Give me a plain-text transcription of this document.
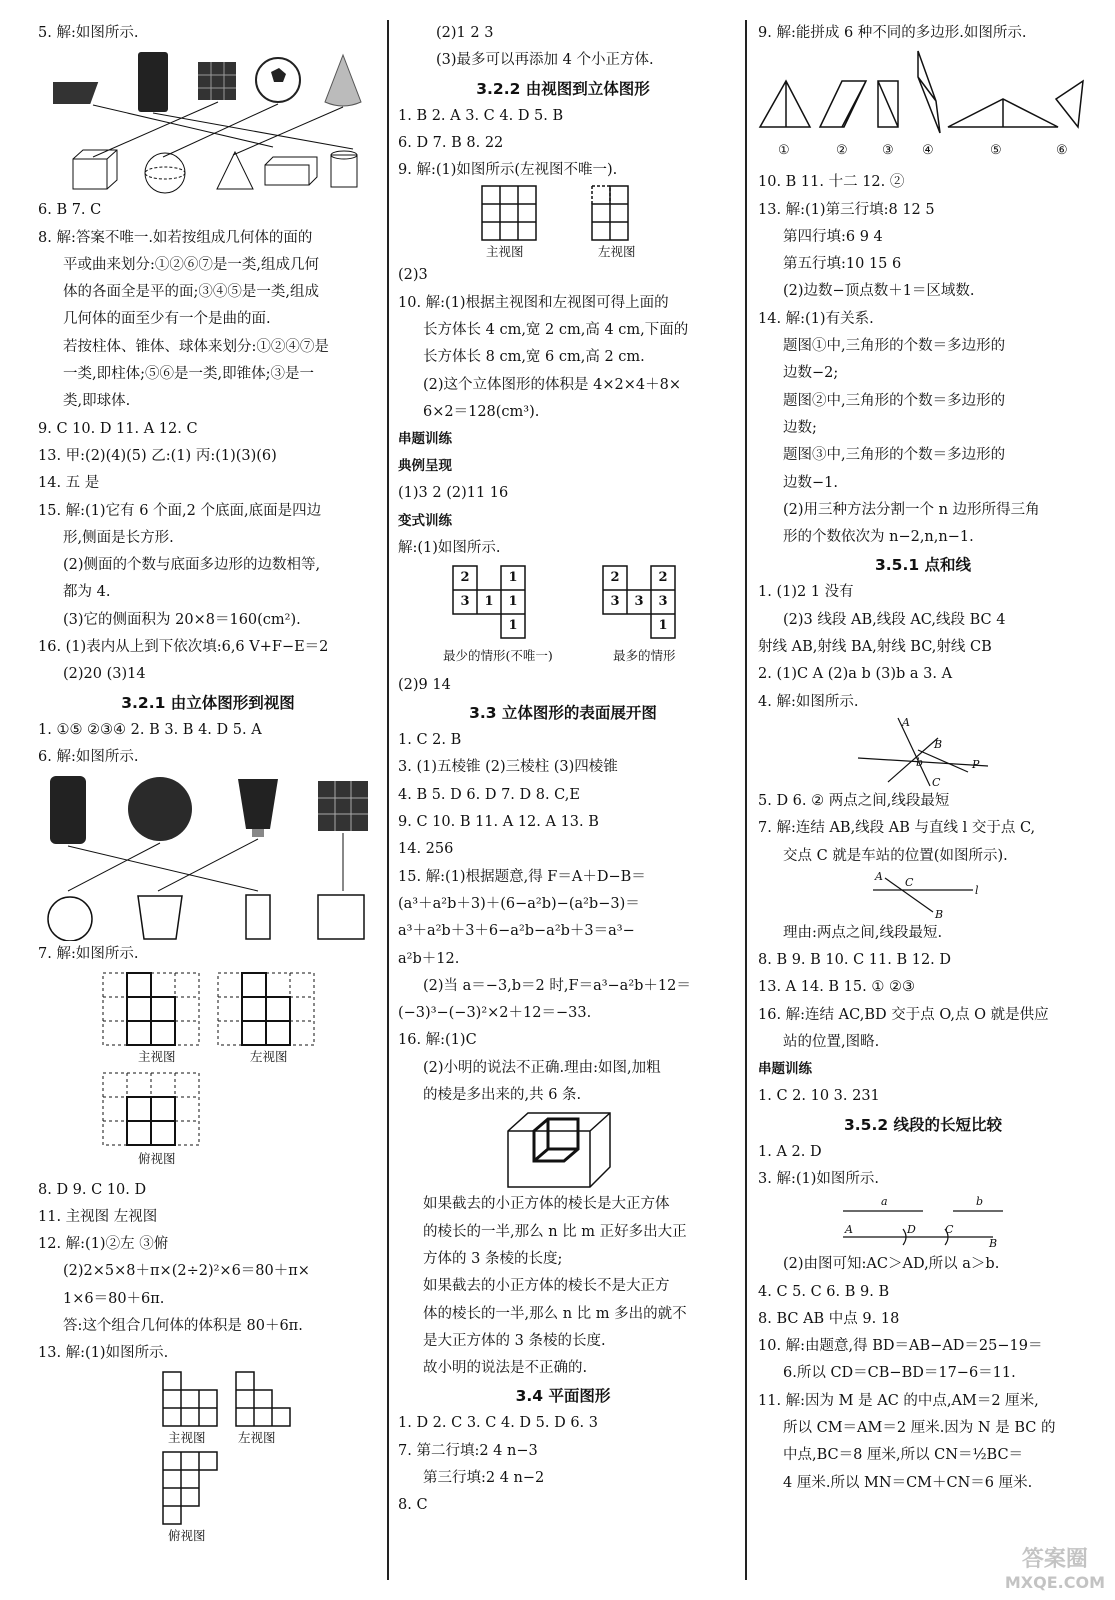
5. 解:如图所示.
6. B 7. C
8. 解:答案不唯一.如若按组成几何体的面的
平或曲来划分:①②⑥⑦是一类,组成几何
体的各面全是平的面;③④⑤是一类,组成
几何体的面至少有一个是曲的面.
若按柱体、锥体、球体来划分:①②④⑦是
一类,即柱体;⑤⑥是一类,即锥体;③是一
类,即球体.
9. C 10. D 11. A 12. C
13. 甲:(2)(4)(5) 乙:(1) 丙:(1)(3)(6)
14. 五 是
15. 解:(1)它有 6 个面,2 个底面,底面是四边
形,侧面是长方形.
(2)侧面的个数与底面多边形的边数相等,
都为 4.
(3)它的侧面积为 20×8＝160(cm²).
16. (1)表内从上到下依次填:6,6 V+F−E＝2
(2)20 (3)14
3.2.1 由立体图形到视图
1. ①⑤ ②③④ 2. B 3. B 4. D 5. A
6. 解:如图所示.
7. 解:如图所示.
主视图	左视图
俯视图
8. D 9. C 10. D
11. 主视图 左视图
12. 解:(1)②左 ③俯
(2)2×5×8＋π×(2÷2)²×6＝80＋π×
1×6＝80＋6π.
答:这个组合几何体的体积是 80＋6π.
13. 解:(1)如图所示.
主视图	左视图
俯视图
(2)1 2 3
(3)最多可以再添加 4 个小正方体.
3.2.2 由视图到立体图形
1. B 2. A 3. C 4. D 5. B
6. D 7. B 8. 22
9. 解:(1)如图所示(左视图不唯一).
主视图	左视图
(2)3
10. 解:(1)根据主视图和左视图可得上面的
长方体长 4 cm,宽 2 cm,高 4 cm,下面的
长方体长 8 cm,宽 6 cm,高 2 cm.
(2)这个立体图形的体积是 4×2×4＋8×
6×2＝128(cm³).
串题训练
典例呈现
(1)3 2 (2)11 16
变式训练
解:(1)如图所示.
2	1
3	1	1
1
2	2
3	3	3
1
最少的情形(不唯一)	最多的情形
(2)9 14
3.3 立体图形的表面展开图
1. C 2. B
3. (1)五棱锥 (2)三棱柱 (3)四棱锥
4. B 5. D 6. D 7. D 8. C,E
9. C 10. B 11. A 12. A 13. B
14. 256
15. 解:(1)根据题意,得 F＝A＋D−B＝
(a³＋a²b＋3)＋(6−a²b)−(a²b−3)＝
a³＋a²b＋3＋6−a²b−a²b＋3＝a³−
a²b＋12.
(2)当 a＝−3,b＝2 时,F＝a³−a²b＋12＝
(−3)³−(−3)²×2＋12＝−33.
16. 解:(1)C
(2)小明的说法不正确.理由:如图,加粗
的棱是多出来的,共 6 条.
如果截去的小正方体的棱长是大正方体
的棱长的一半,那么 n 比 m 正好多出大正
方体的 3 条棱的长度;
如果截去的小正方体的棱长不是大正方
体的棱长的一半,那么 n 比 m 多出的就不
是大正方体的 3 条棱的长度.
故小明的说法是不正确的.
3.4 平面图形
1. D 2. C 3. C 4. D 5. D 6. 3
7. 第二行填:2 4 n−3
第三行填:2 4 n−2
8. C
9. 解:能拼成 6 种不同的多边形.如图所示.
①	②	③ ④	⑤	⑥
10. B 11. 十二 12. ②
13. 解:(1)第三行填:8 12 5
第四行填:6 9 4
第五行填:10 15 6
(2)边数−顶点数＋1＝区域数.
14. 解:(1)有关系.
题图①中,三角形的个数＝多边形的
边数−2;
题图②中,三角形的个数＝多边形的
边数;
题图③中,三角形的个数＝多边形的
边数−1.
(2)用三种方法分割一个 n 边形所得三角
形的个数依次为 n−2,n,n−1.
3.5.1 点和线
1. (1)2 1 没有
(2)3 线段 AB,线段 AC,线段 BC 4
射线 AB,射线 BA,射线 BC,射线 CB
2. (1)C A (2)a b (3)b a 3. A
4. 解:如图所示.
A
B
b
C
P
5. D 6. ② 两点之间,线段最短
7. 解:连结 AB,线段 AB 与直线 l 交于点 C,
交点 C 就是车站的位置(如图所示).
A C
l
B
理由:两点之间,线段最短.
8. B 9. B 10. C 11. B 12. D
13. A 14. B 15. ① ②③
16. 解:连结 AC,BD 交于点 O,点 O 就是供应
站的位置,图略.
串题训练
1. C 2. 10 3. 231
3.5.2 线段的长短比较
1. A 2. D
3. 解:(1)如图所示.
a	b
A	D	C
B
(2)由图可知:AC＞AD,所以 a＞b.
4. C 5. C 6. B 9. B
8. BC AB 中点 9. 18
10. 解:由题意,得 BD＝AB−AD＝25−19＝
6.所以 CD＝CB−BD＝17−6＝11.
11. 解:因为 M 是 AC 的中点,AM＝2 厘米,
所以 CM＝AM＝2 厘米.因为 N 是 BC 的
中点,BC＝8 厘米,所以 CN＝½BC＝
4 厘米.所以 MN＝CM＋CN＝6 厘米.
答案圈
MXQE.COM
